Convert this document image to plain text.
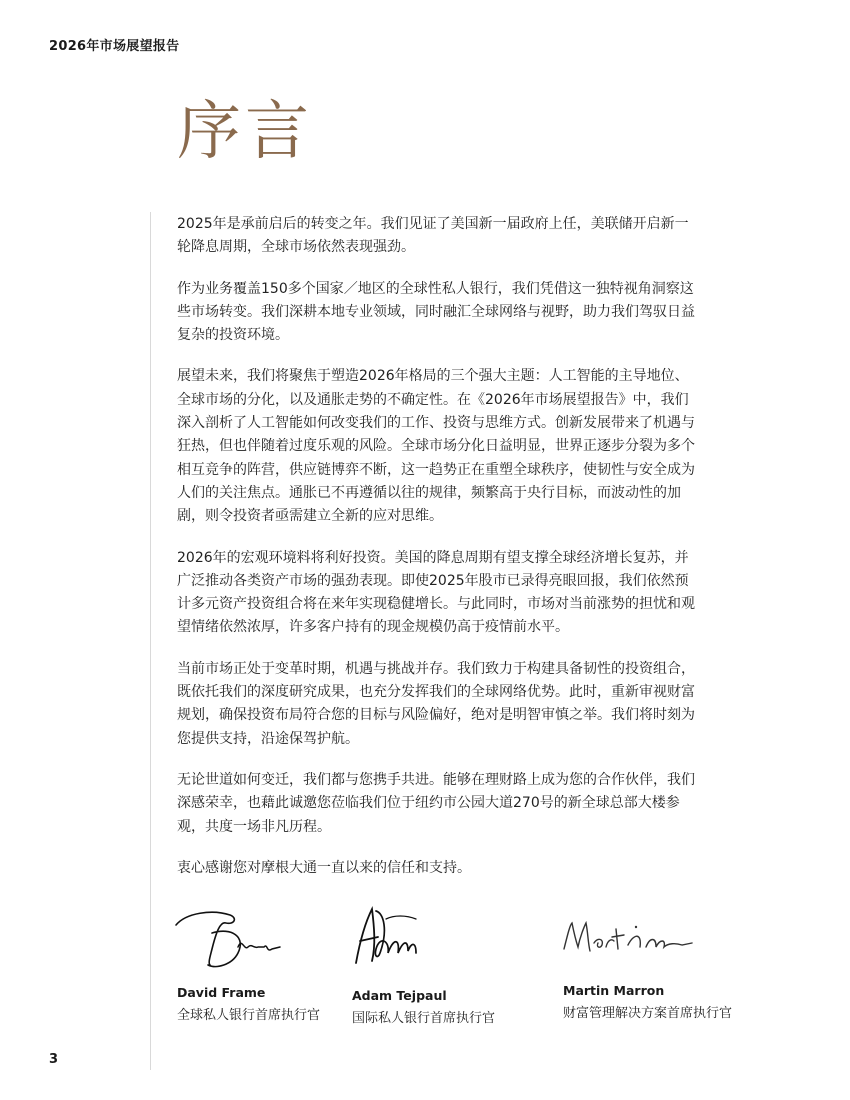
2026年市场展望报告
序言

2025年是承前启后的转变之年。我们见证了美国新一届政府上任，美联储开启新一轮降息周期，全球市场依然表现强劲。

作为业务覆盖150多个国家／地区的全球性私人银行，我们凭借这一独特视角洞察这些市场转变。我们深耕本地专业领域，同时融汇全球网络与视野，助力我们驾驭日益复杂的投资环境。

展望未来，我们将聚焦于塑造2026年格局的三个强大主题：人工智能的主导地位、全球市场的分化，以及通胀走势的不确定性。在《2026年市场展望报告》中，我们深入剖析了人工智能如何改变我们的工作、投资与思维方式。创新发展带来了机遇与狂热，但也伴随着过度乐观的风险。全球市场分化日益明显，世界正逐步分裂为多个相互竞争的阵营，供应链博弈不断，这一趋势正在重塑全球秩序，使韧性与安全成为人们的关注焦点。通胀已不再遵循以往的规律，频繁高于央行目标，而波动性的加剧，则令投资者亟需建立全新的应对思维。

2026年的宏观环境料将利好投资。美国的降息周期有望支撑全球经济增长复苏，并广泛推动各类资产市场的强劲表现。即使2025年股市已录得亮眼回报，我们依然预计多元资产投资组合将在来年实现稳健增长。与此同时，市场对当前涨势的担忧和观望情绪依然浓厚，许多客户持有的现金规模仍高于疫情前水平。

当前市场正处于变革时期，机遇与挑战并存。我们致力于构建具备韧性的投资组合，既依托我们的深度研究成果，也充分发挥我们的全球网络优势。此时，重新审视财富规划，确保投资布局符合您的目标与风险偏好，绝对是明智审慎之举。我们将时刻为您提供支持，沿途保驾护航。

无论世道如何变迁，我们都与您携手共进。能够在理财路上成为您的合作伙伴，我们深感荣幸，也藉此诚邀您莅临我们位于纽约市公园大道270号的新全球总部大楼参观，共度一场非凡历程。

衷心感谢您对摩根大通一直以来的信任和支持。

David Frame
全球私人银行首席执行官
Adam Tejpaul
国际私人银行首席执行官
Martin Marron
财富管理解决方案首席执行官
3
